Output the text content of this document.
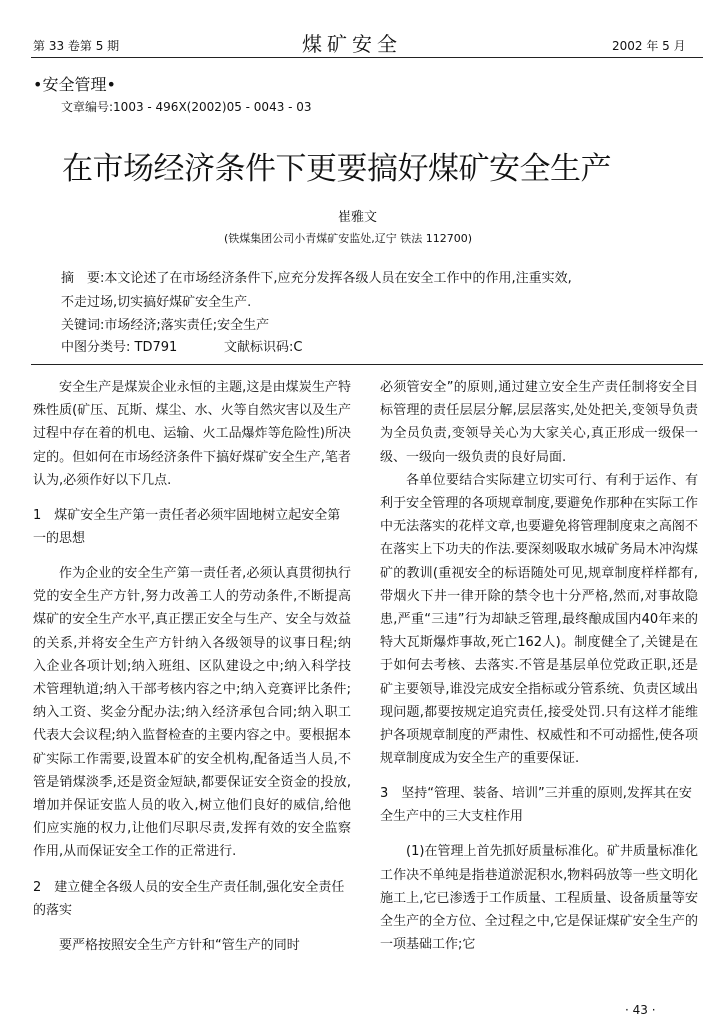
第 33 卷第 5 期	煤矿安全	2002 年 5 月
•安全管理•
文章编号:1003 - 496X(2002)05 - 0043 - 03
在市场经济条件下更要搞好煤矿安全生产
崔雅文
(铁煤集团公司小青煤矿安监处,辽宁 铁法 112700)
摘　要:本文论述了在市场经济条件下,应充分发挥各级人员在安全工作中的作用,注重实效,
不走过场,切实搞好煤矿安全生产.
关键词:市场经济;落实责任;安全生产
中图分类号: TD791	文献标识码:C

安全生产是煤炭企业永恒的主题,这是由煤炭生产特殊性质(矿压、瓦斯、煤尘、水、火等自然灾害以及生产过程中存在着的机电、运输、火工品爆炸等危险性)所决定的。但如何在市场经济条件下搞好煤矿安全生产,笔者认为,必须作好以下几点.

1　煤矿安全生产第一责任者必须牢固地树立起安全第一的思想

作为企业的安全生产第一责任者,必须认真贯彻执行党的安全生产方针,努力改善工人的劳动条件,不断提高煤矿的安全生产水平,真正摆正安全与生产、安全与效益的关系,并将安全生产方针纳入各级领导的议事日程;纳入企业各项计划;纳入班组、区队建设之中;纳入科学技术管理轨道;纳入干部考核内容之中;纳入竞赛评比条件;纳入工资、奖金分配办法;纳入经济承包合同;纳入职工代表大会议程;纳入监督检查的主要内容之中。要根据本矿实际工作需要,设置本矿的安全机构,配备适当人员,不管是销煤淡季,还是资金短缺,都要保证安全资金的投放,增加并保证安监人员的收入,树立他们良好的威信,给他们应实施的权力,让他们尽职尽责,发挥有效的安全监察作用,从而保证安全工作的正常进行.

2　建立健全各级人员的安全生产责任制,强化安全责任的落实

要严格按照安全生产方针和“管生产的同时

必须管安全”的原则,通过建立安全生产责任制将安全目标管理的责任层层分解,层层落实,处处把关,变领导负责为全员负责,变领导关心为大家关心,真正形成一级保一级、一级向一级负责的良好局面.

各单位要结合实际建立切实可行、有利于运作、有利于安全管理的各项规章制度,要避免作那种在实际工作中无法落实的花样文章,也要避免将管理制度束之高阁不在落实上下功夫的作法.要深刻吸取水城矿务局木冲沟煤矿的教训(重视安全的标语随处可见,规章制度样样都有,带烟火下井一律开除的禁令也十分严格,然而,对事故隐患,严重“三违”行为却缺乏管理,最终酿成国内40年来的特大瓦斯爆炸事故,死亡162人)。制度健全了,关键是在于如何去考核、去落实.不管是基层单位党政正职,还是矿主要领导,谁没完成安全指标或分管系统、负责区域出现问题,都要按规定追究责任,接受处罚.只有这样才能维护各项规章制度的严肃性、权威性和不可动摇性,使各项规章制度成为安全生产的重要保证.

3　坚持“管理、装备、培训”三并重的原则,发挥其在安全生产中的三大支柱作用

(1)在管理上首先抓好质量标准化。矿井质量标准化工作决不单纯是指巷道淤泥积水,物料码放等一些文明化施工上,它已渗透于工作质量、工程质量、设备质量等安全生产的全方位、全过程之中,它是保证煤矿安全生产的一项基础工作;它

· 43 ·
